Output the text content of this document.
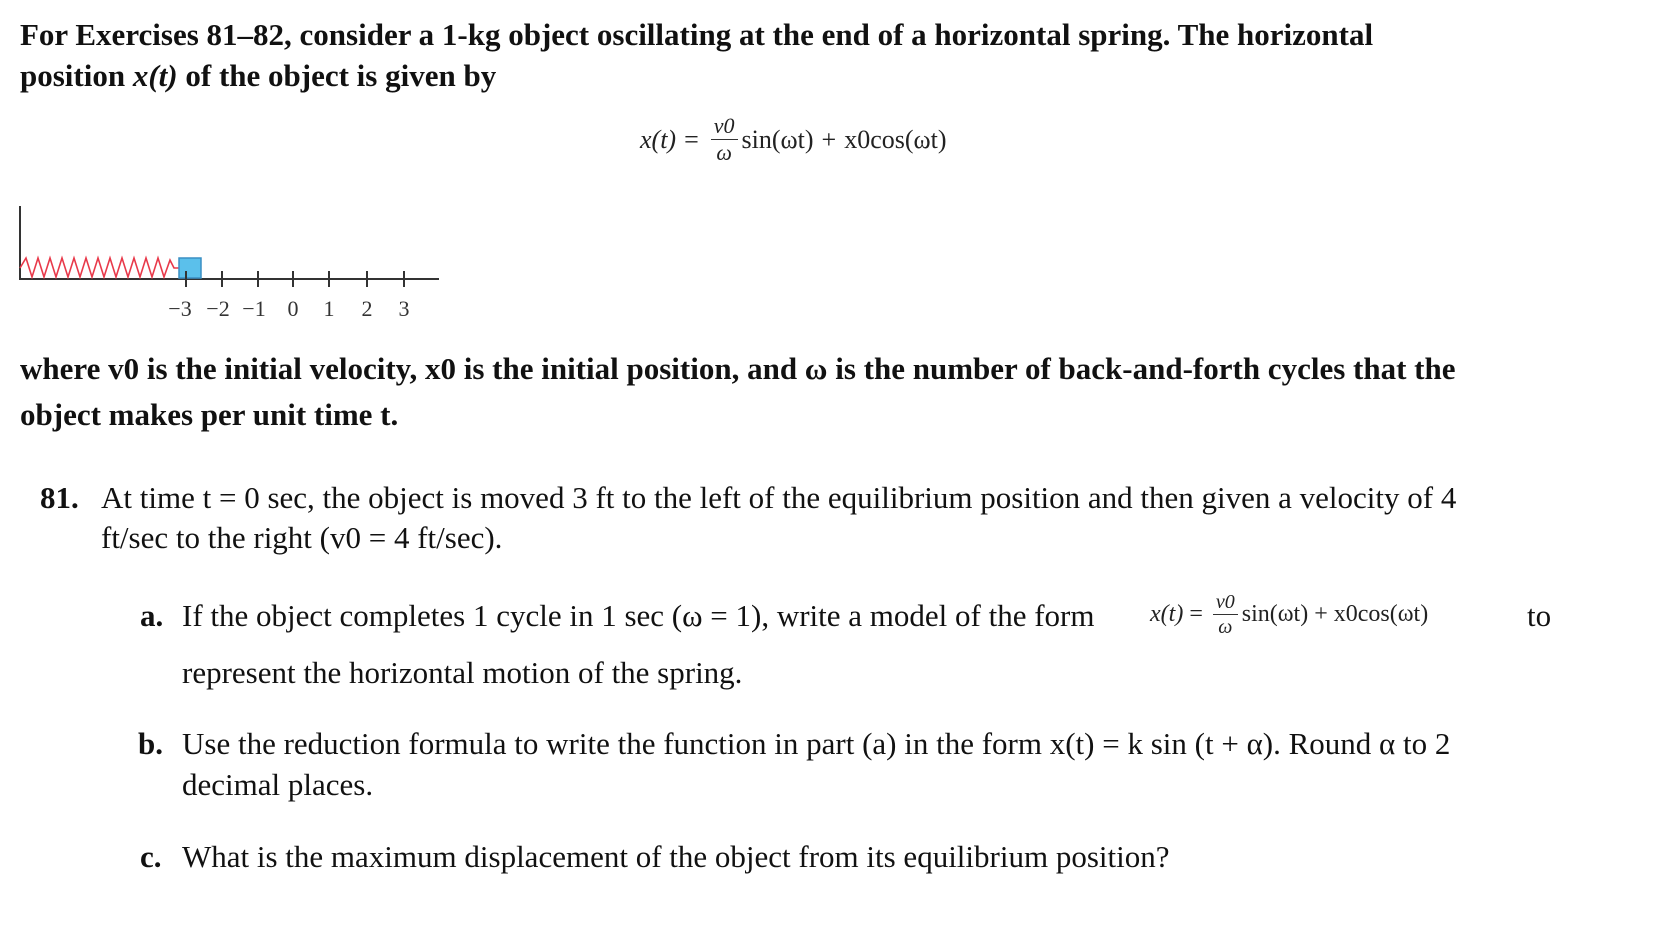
For Exercises 81–82, consider a 1-kg object oscillating at the end of a horizontal spring. The horizontal
position x(t) of the object is given by
$x(t) = \frac{v0}{\omega} \sin(\omega t) + x0\cos(\omega t)$
−3 −2 −1 0 1 2 3
where v0 is the initial velocity, x0 is the initial position, and ω is the number of back-and-forth cycles that the
object makes per unit time t.
81. At time t = 0 sec, the object is moved 3 ft to the left of the equilibrium position and then given a velocity of 4
ft/sec to the right (v0 = 4 ft/sec).
a. If the object completes 1 cycle in 1 sec (ω = 1), write a model of the form $x(t) = \frac{v0}{\omega} \sin(\omega t) + x0\cos(\omega t)$	to
represent the horizontal motion of the spring.
b. Use the reduction formula to write the function in part (a) in the form x(t) = k sin (t + α). Round α to 2
decimal places.
c. What is the maximum displacement of the object from its equilibrium position?
